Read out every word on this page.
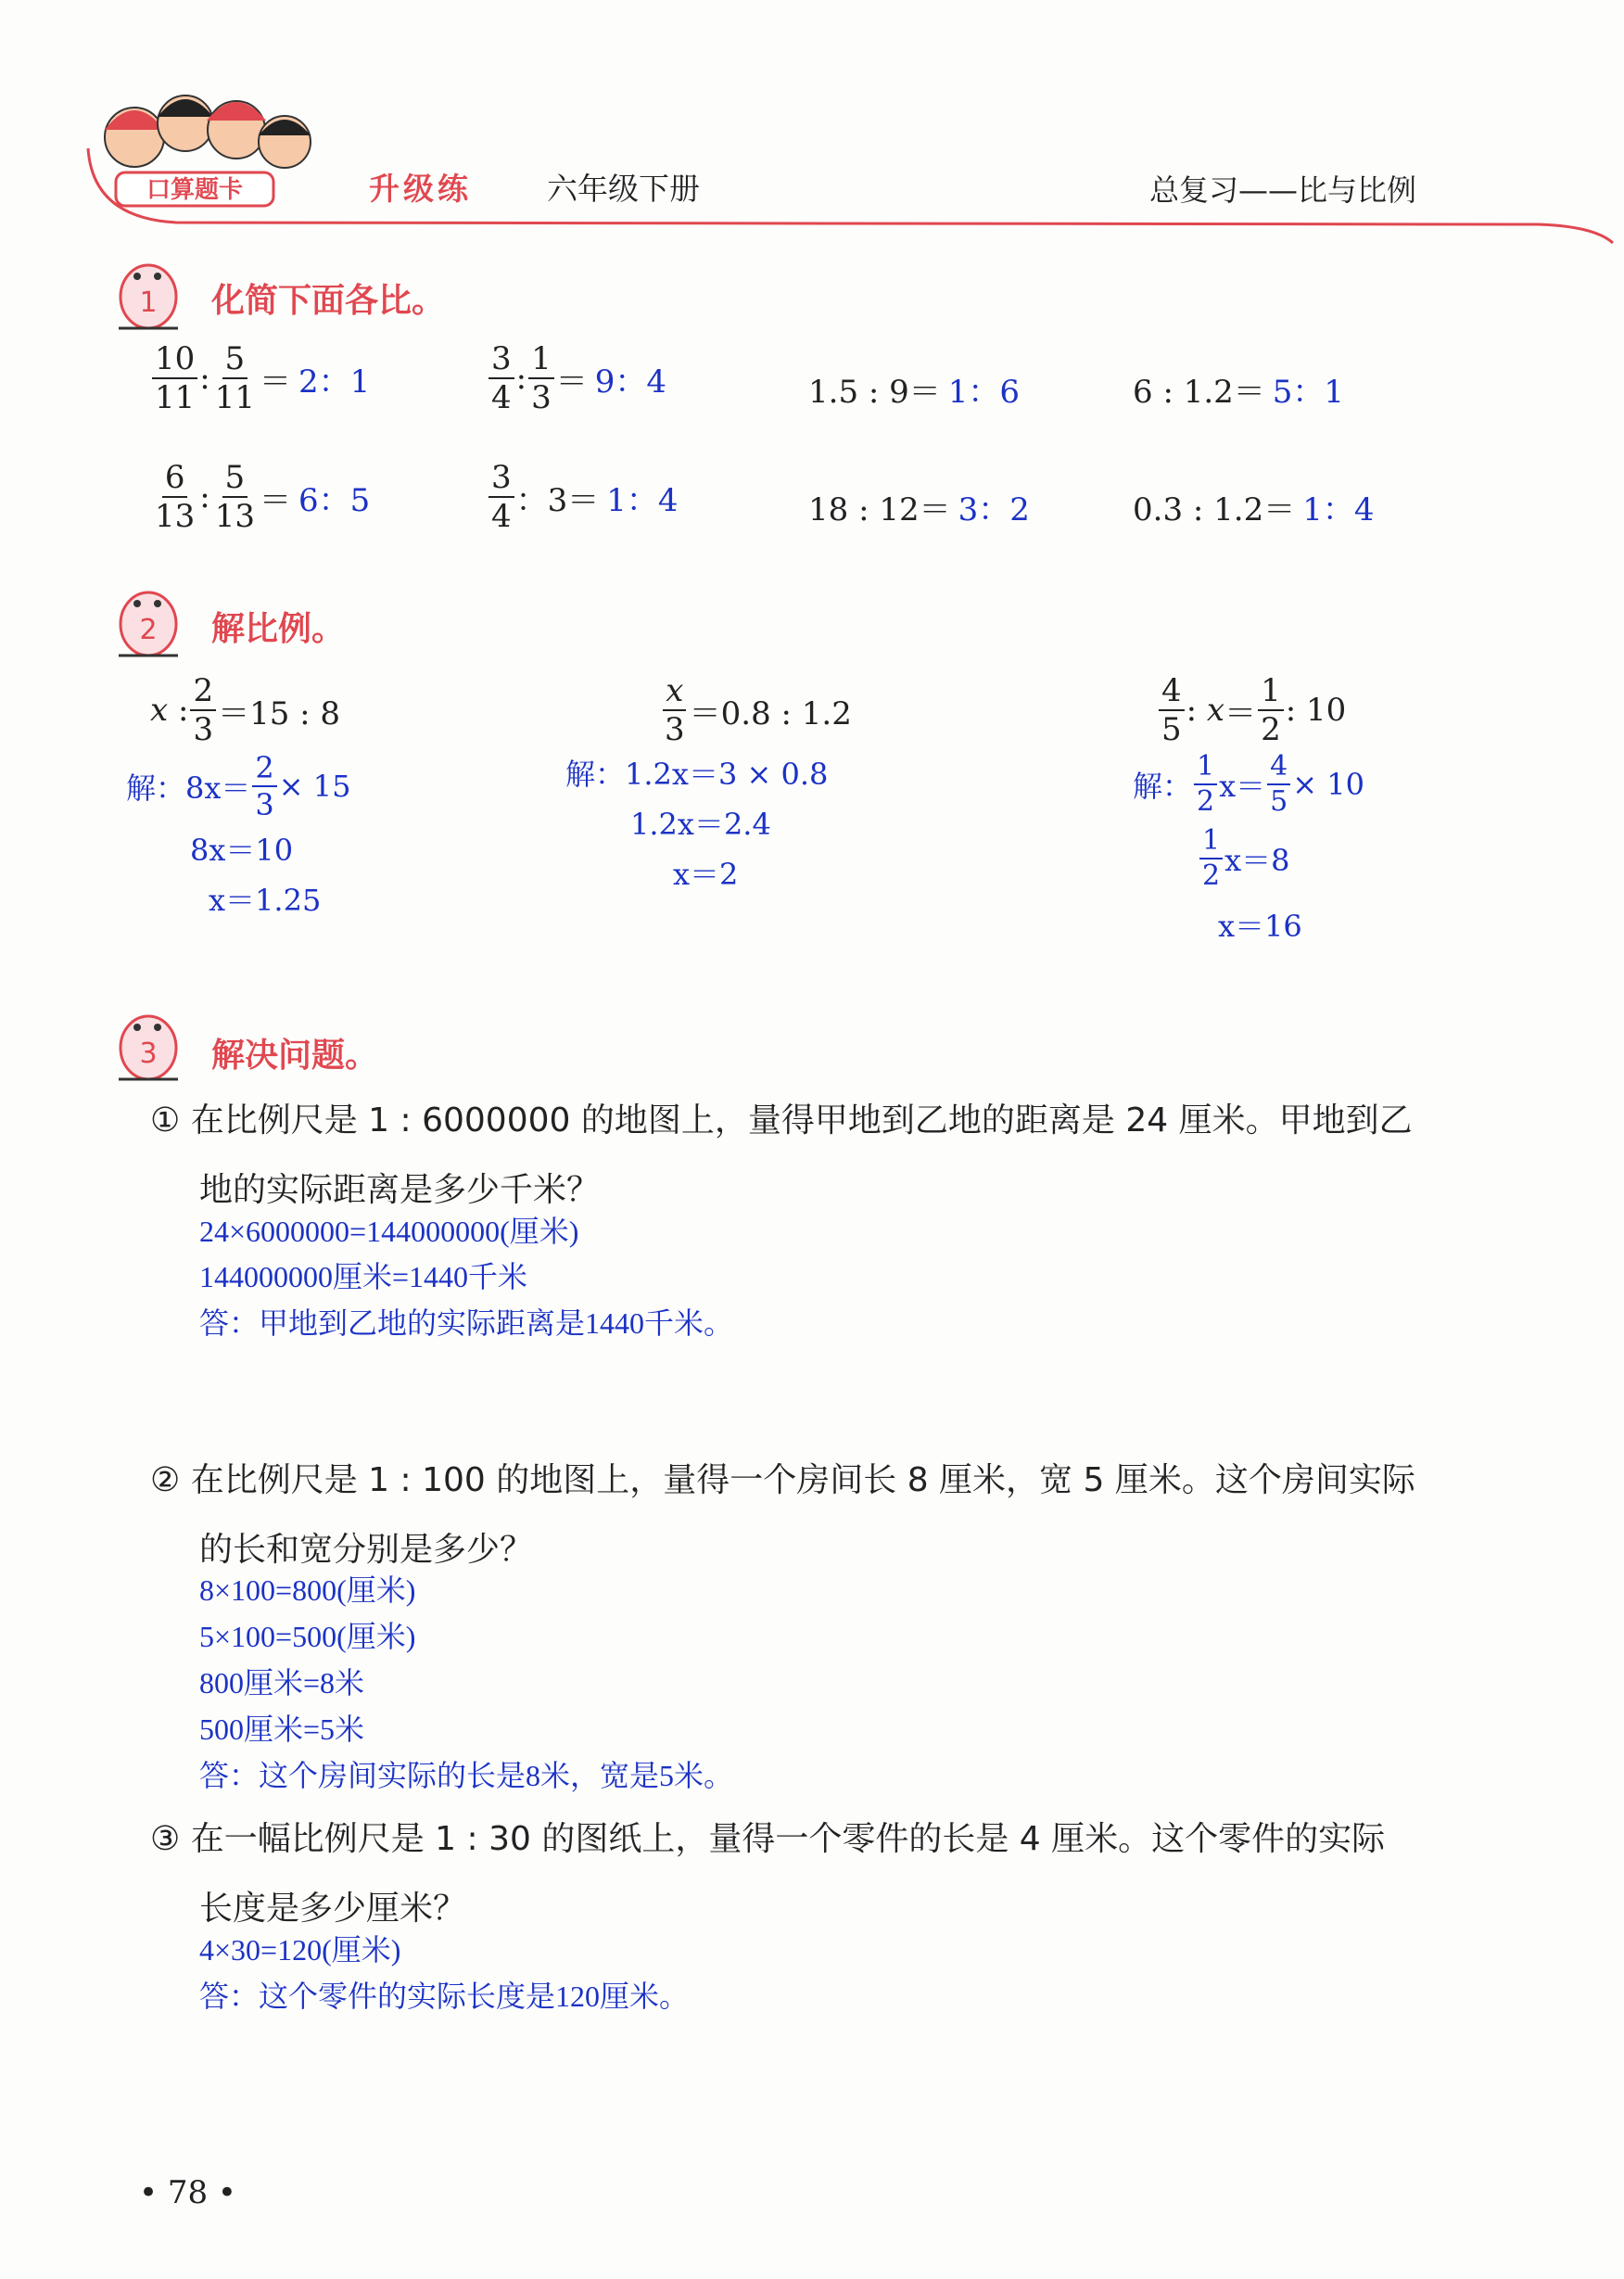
口算题卡	升级练 六年级下册	总复习——比与比例
1 化简下面各比。
$\frac{10}{11}$ : $\frac{5}{11} = 2$：1	$\frac{3}{4}$ : $\frac{1}{3} = 9$：4	1.5 : 9＝ 1：6	6 : 1.2＝ 5：1
$\frac{6}{13}$ : $\frac{5}{13} = 6$：5	$\frac{3}{4}$ ：3＝ 1：4	18 : 12＝ 3：2	0.3 : 1.2＝ 1：4
2 解比例。
x : $\frac{2}{3} =15$ : 8
解：$8x= \frac{2}{3} \times 15$
8x＝10
x＝1.25
$\frac{x}{3} =0.8$ : 1.2
解：1.2x＝3 × 0.8
1.2x＝2.4
x＝2
$\frac{4}{5}$ : $x = \frac{1}{2}$ : 10
解： $\frac{1}{2} x= \frac{4}{5} \times 10$
$\frac{1}{2} x=8$
x＝16
3 解决问题。
① 在比例尺是 1 : 6000000 的地图上，量得甲地到乙地的距离是 24 厘米。甲地到乙
地的实际距离是多少千米？
24×6000000=144000000(厘米)
144000000厘米=1440千米
答：甲地到乙地的实际距离是1440千米。
② 在比例尺是 1 : 100 的地图上，量得一个房间长 8 厘米，宽 5 厘米。这个房间实际
的长和宽分别是多少？
8×100=800(厘米)
5×100=500(厘米)
800厘米=8米
500厘米=5米
答：这个房间实际的长是8米，宽是5米。
③ 在一幅比例尺是 1 : 30 的图纸上，量得一个零件的长是 4 厘米。这个零件的实际
长度是多少厘米？
4×30=120(厘米)
答：这个零件的实际长度是120厘米。
• 78 •
